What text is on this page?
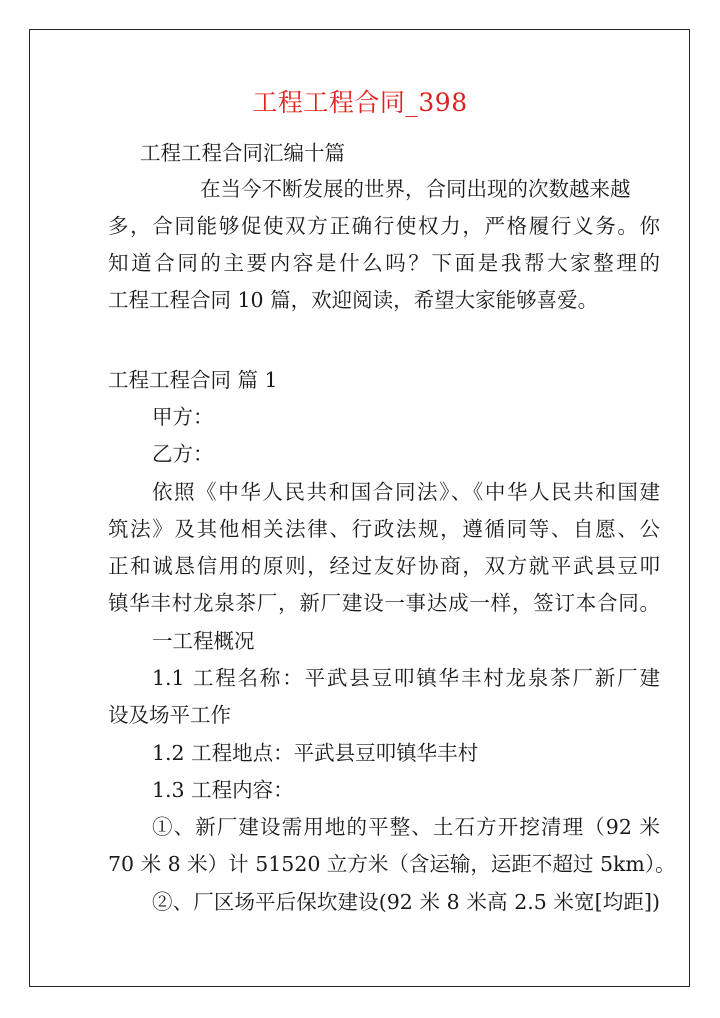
工程工程合同_398
工程工程合同汇编十篇
在当今不断发展的世界，合同出现的次数越来越
多，合同能够促使双方正确行使权力，严格履行义务。你
知道合同的主要内容是什么吗？下面是我帮大家整理的
工程工程合同 10 篇，欢迎阅读，希望大家能够喜爱。
工程工程合同 篇 1
甲方：
乙方：
依照《中华人民共和国合同法》、《中华人民共和国建
筑法》及其他相关法律、行政法规，遵循同等、自愿、公
正和诚恳信用的原则，经过友好协商，双方就平武县豆叩
镇华丰村龙泉茶厂，新厂建设一事达成一样，签订本合同。
一工程概况
1.1 工程名称：平武县豆叩镇华丰村龙泉茶厂新厂建
设及场平工作
1.2 工程地点：平武县豆叩镇华丰村
1.3 工程内容：
①、新厂建设需用地的平整、土石方开挖清理（92 米
70 米 8 米）计 51520 立方米（含运输，运距不超过 5km）。
②、厂区场平后保坎建设(92 米 8 米高 2.5 米宽[均距])
